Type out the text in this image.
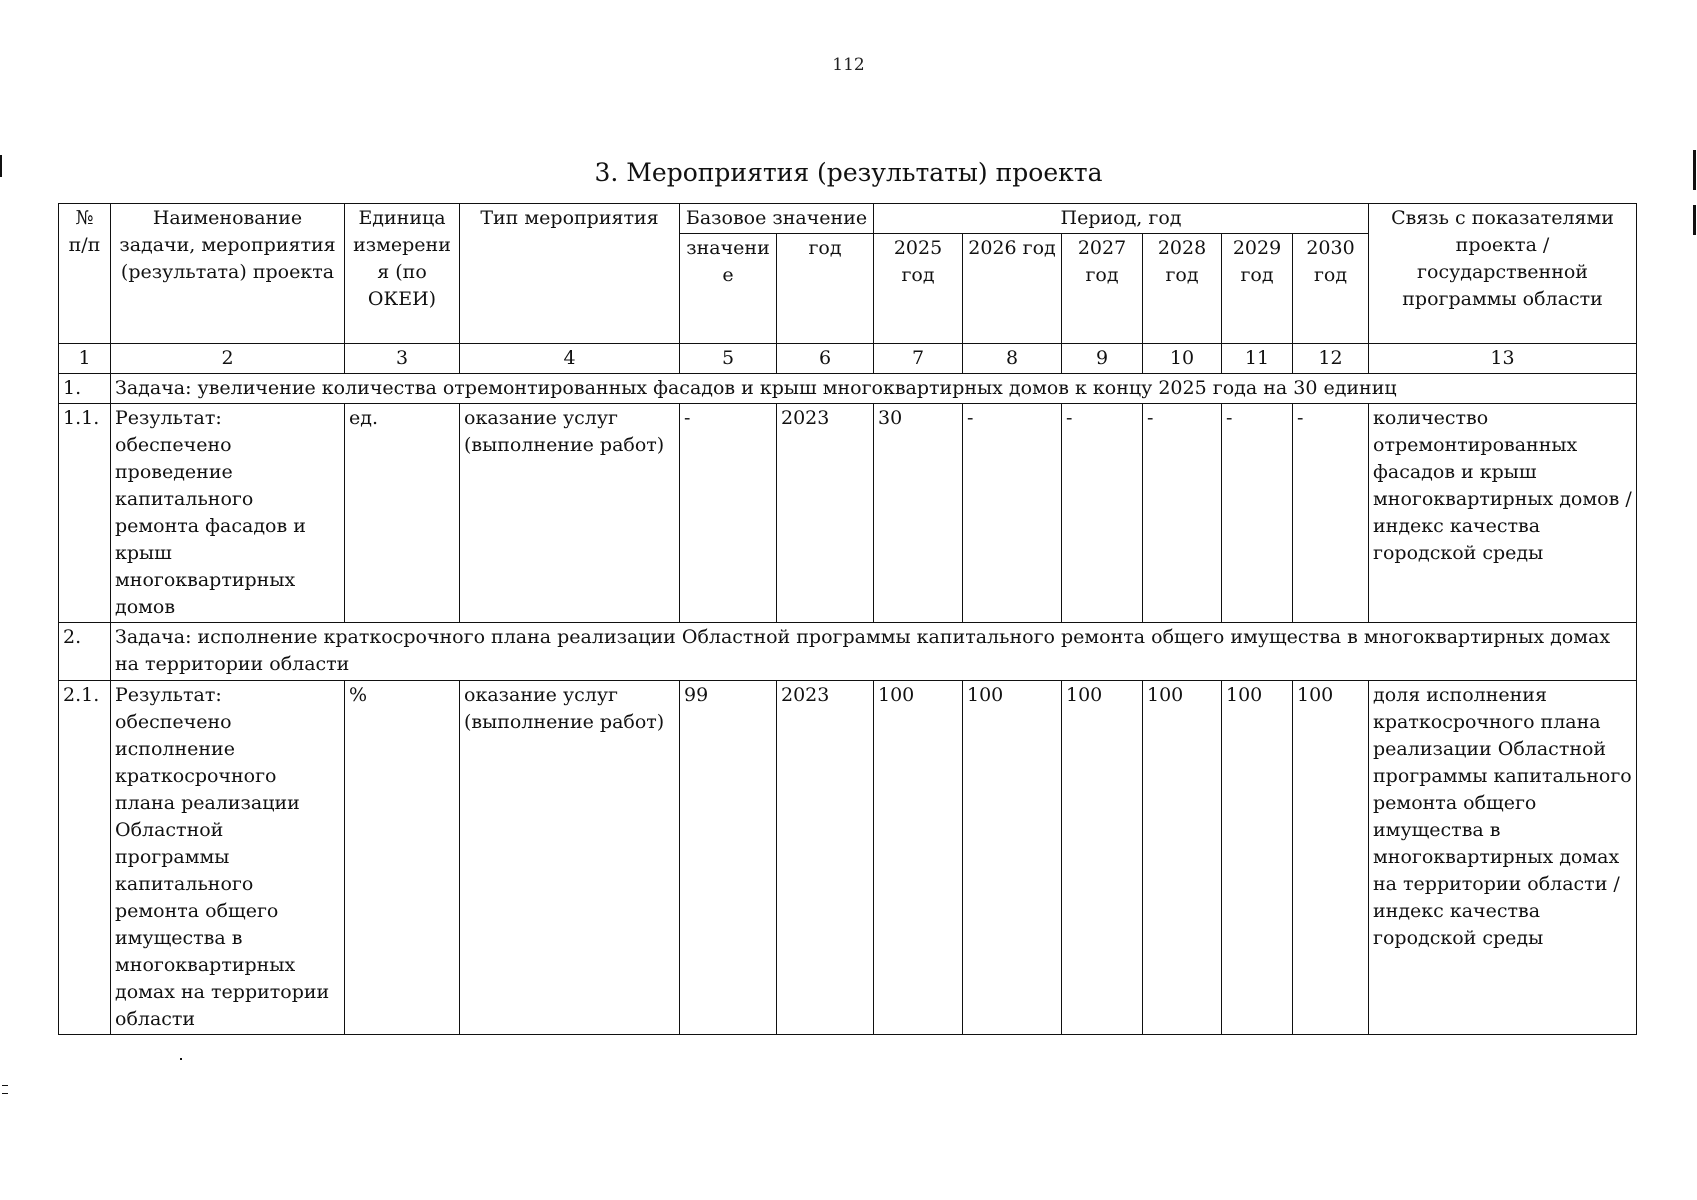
112
3. Мероприятия (результаты) проекта
№ п/п	Наименование задачи, мероприятия (результата) проекта	Единица измерения (по ОКЕИ)	Тип мероприятия	Базовое значение		Период, год						Связь с показателями проекта / государственной программы области
				значение	год	2025 год	2026 год	2027 год	2028 год	2029 год	2030 год	
1	2	3	4	5	6	7	8	9	10	11	12	13
1.	Задача: увеличение количества отремонтированных фасадов и крыш многоквартирных домов к концу 2025 года на 30 единиц											
1.1.	Результат: обеспечено проведение капитального ремонта фасадов и крыш многоквартирных домов	ед.	оказание услуг (выполнение работ)	-	2023	30	-	-	-	-	-	количество отремонтированных фасадов и крыш многоквартирных домов / индекс качества городской среды
2.	Задача: исполнение краткосрочного плана реализации Областной программы капитального ремонта общего имущества в многоквартирных домах на территории области											
2.1.	Результат: обеспечено исполнение краткосрочного плана реализации Областной программы капитального ремонта общего имущества в многоквартирных домах на территории области	%	оказание услуг (выполнение работ)	99	2023	100	100	100	100	100	100	доля исполнения краткосрочного плана реализации Областной программы капитального ремонта общего имущества в многоквартирных домах на территории области / индекс качества городской среды
